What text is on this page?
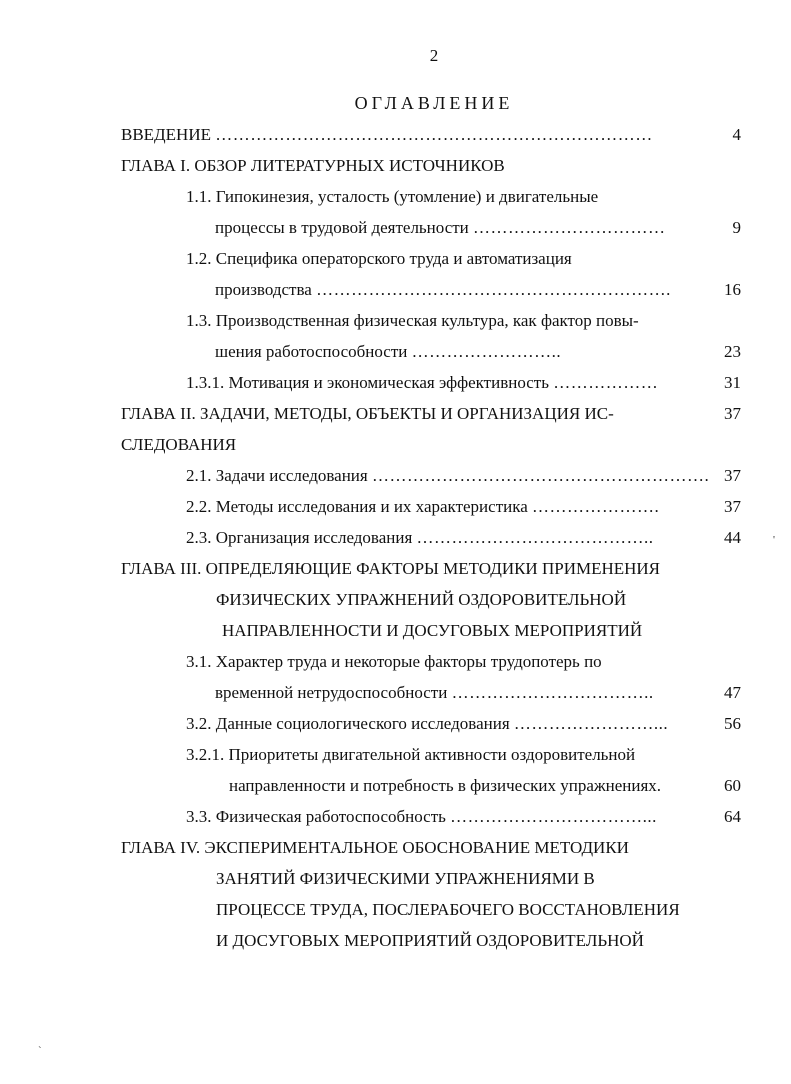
2
ОГЛАВЛЕНИЕ
ВВЕДЕНИЕ …………………………………………………………………	4
ГЛАВА I. ОБЗОР ЛИТЕРАТУРНЫХ ИСТОЧНИКОВ
1.1. Гипокинезия, усталость (утомление) и двигательные
процессы в трудовой деятельности ……………………………	9
1.2. Специфика операторского труда и автоматизация
производства …………………………………………………….	16
1.3. Производственная физическая культура, как фактор повы-
шения работоспособности ……………………..	23
1.3.1. Мотивация и экономическая эффективность ………………	31
ГЛАВА II. ЗАДАЧИ, МЕТОДЫ, ОБЪЕКТЫ И ОРГАНИЗАЦИЯ ИС-	37
СЛЕДОВАНИЯ
2.1. Задачи исследования …………………………………………………. 37
2.2. Методы исследования и их характеристика ………………….	37
2.3. Организация исследования …………………………………..	44
ГЛАВА III. ОПРЕДЕЛЯЮЩИЕ ФАКТОРЫ МЕТОДИКИ ПРИМЕНЕНИЯ
ФИЗИЧЕСКИХ УПРАЖНЕНИЙ ОЗДОРОВИТЕЛЬНОЙ
НАПРАВЛЕННОСТИ И ДОСУГОВЫХ МЕРОПРИЯТИЙ
3.1. Характер труда и некоторые факторы трудопотерь по
временной нетрудоспособности ……………………………..	47
3.2. Данные социологического исследования ……………………...	56
3.2.1. Приоритеты двигательной активности оздоровительной
направленности и потребность в физических упражнениях.	60
3.3. Физическая работоспособность ……………………………...	64
ГЛАВА IV. ЭКСПЕРИМЕНТАЛЬНОЕ ОБОСНОВАНИЕ МЕТОДИКИ
ЗАНЯТИЙ ФИЗИЧЕСКИМИ УПРАЖНЕНИЯМИ В
ПРОЦЕССЕ ТРУДА, ПОСЛЕРАБОЧЕГО ВОССТАНОВЛЕНИЯ
И ДОСУГОВЫХ МЕРОПРИЯТИЙ ОЗДОРОВИТЕЛЬНОЙ
'
`
